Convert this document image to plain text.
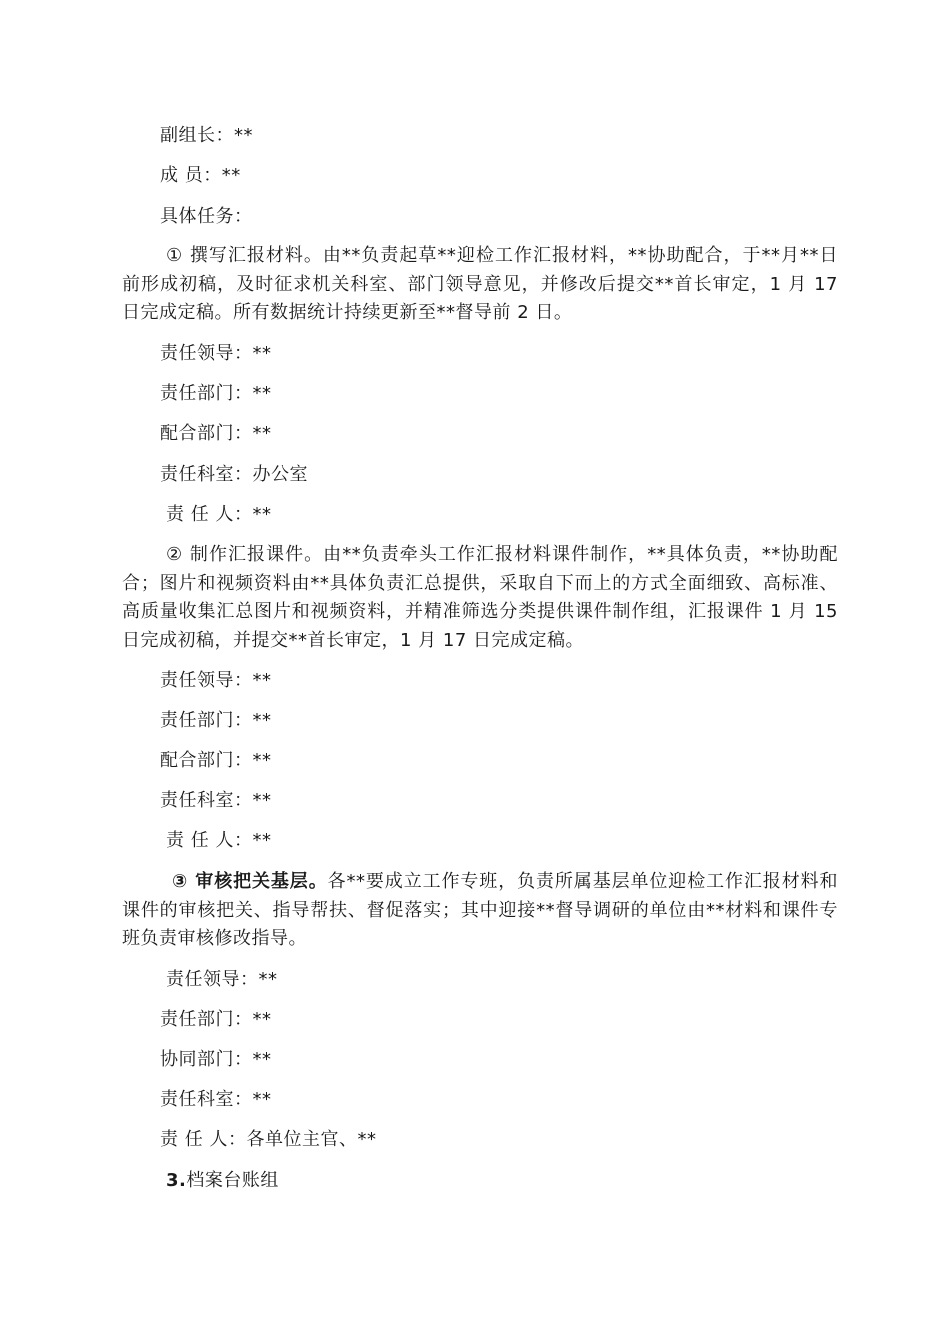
副组长：**
成 员：**
具体任务：
① 撰写汇报材料。由**负责起草**迎检工作汇报材料，**协助配合，于**月**日前形成初稿，及时征求机关科室、部门领导意见，并修改后提交**首长审定，1 月 17 日完成定稿。所有数据统计持续更新至**督导前 2 日。
责任领导：**
责任部门：**
配合部门：**
责任科室：办公室
责 任 人：**
② 制作汇报课件。由**负责牵头工作汇报材料课件制作，**具体负责，**协助配合；图片和视频资料由**具体负责汇总提供，采取自下而上的方式全面细致、高标准、高质量收集汇总图片和视频资料，并精准筛选分类提供课件制作组，汇报课件 1 月 15 日完成初稿，并提交**首长审定，1 月 17 日完成定稿。
责任领导：**
责任部门：**
配合部门：**
责任科室：**
责 任 人：**
③ 审核把关基层。各**要成立工作专班，负责所属基层单位迎检工作汇报材料和课件的审核把关、指导帮扶、督促落实；其中迎接**督导调研的单位由**材料和课件专班负责审核修改指导。
责任领导：**
责任部门：**
协同部门：**
责任科室：**
责 任 人：各单位主官、**
3.档案台账组
